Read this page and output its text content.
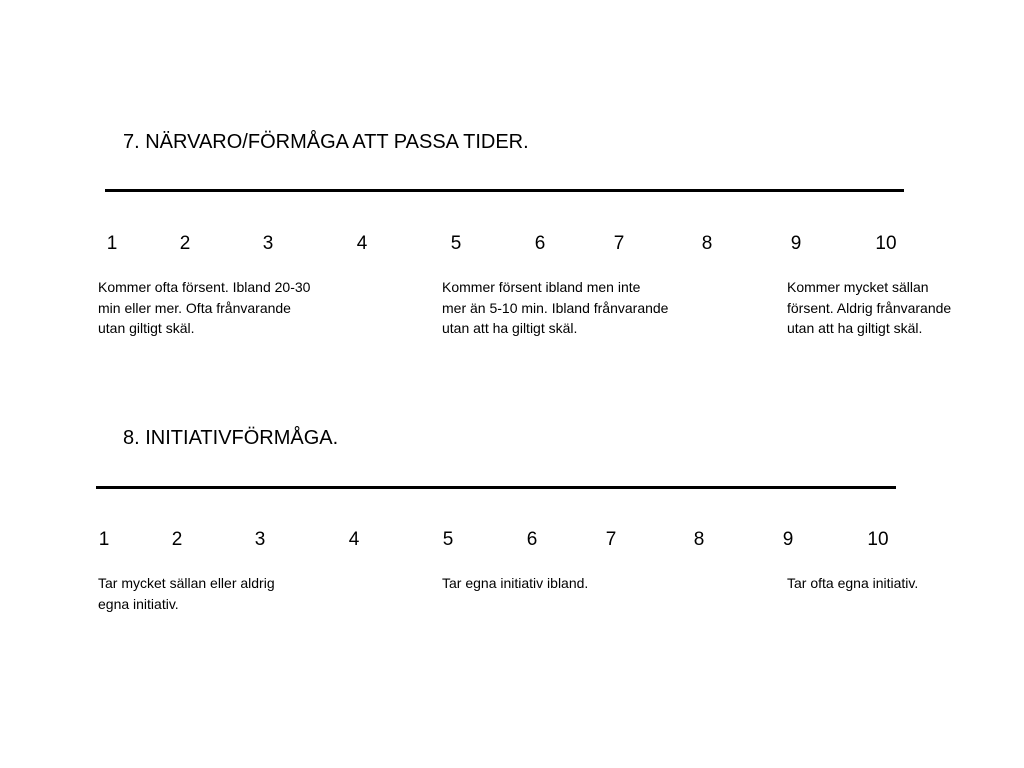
7. NÄRVARO/FÖRMÅGA ATT PASSA TIDER.
1	2	3	4	5	6	7	8	9	10
Kommer ofta försent. Ibland 20-30
min eller mer. Ofta frånvarande
utan giltigt skäl.
Kommer försent ibland men inte
mer än 5-10 min. Ibland frånvarande
utan att ha giltigt skäl.
Kommer mycket sällan
försent. Aldrig frånvarande
utan att ha giltigt skäl.
8. INITIATIVFÖRMÅGA.
1	2	3	4	5	6	7	8	9	10
Tar mycket sällan eller aldrig
egna initiativ.
Tar egna initiativ ibland.	Tar ofta egna initiativ.
